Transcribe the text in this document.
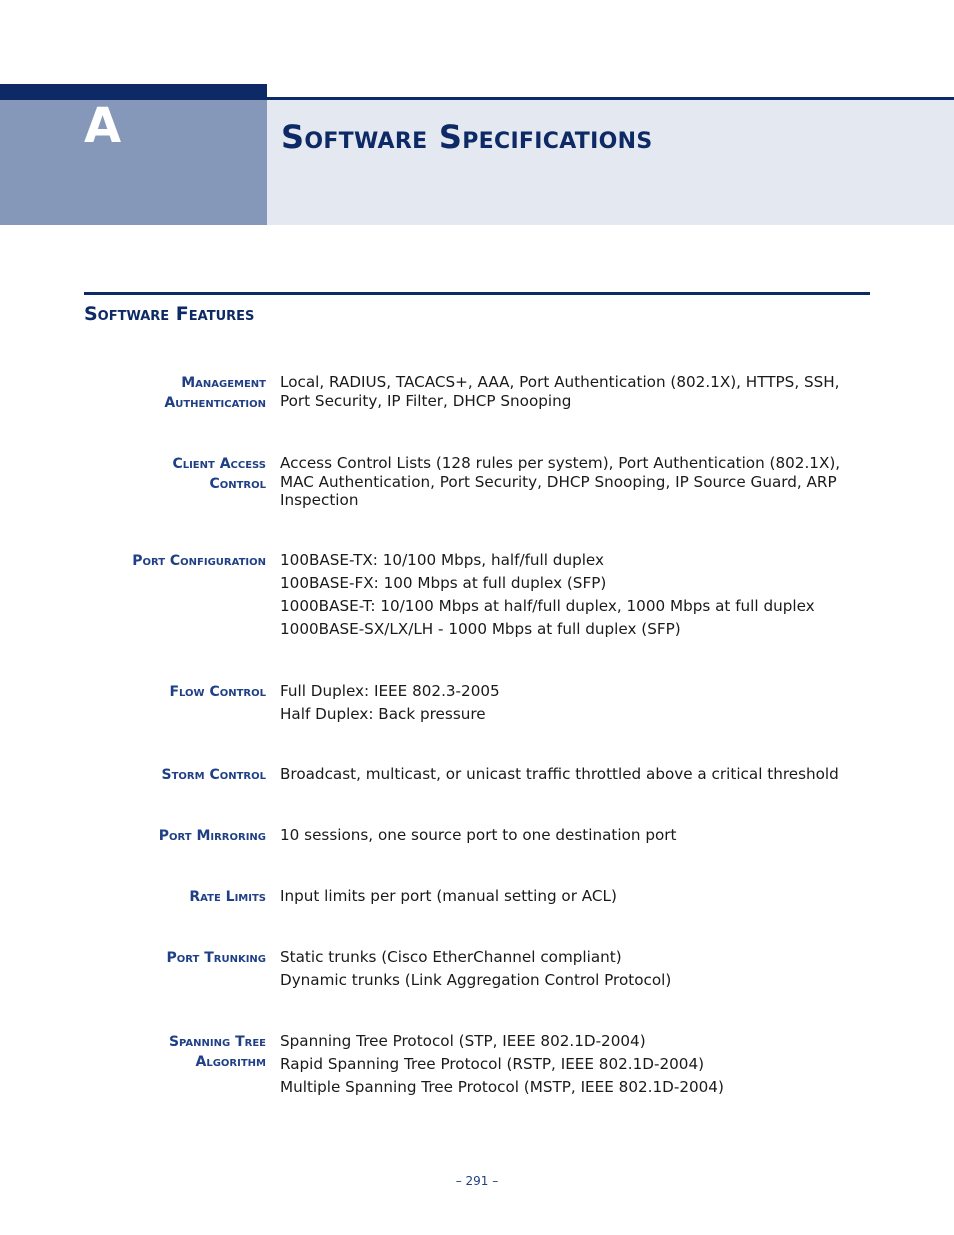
A	Software Specifications
Software Features
Management
Authentication
Local, RADIUS, TACACS+, AAA, Port Authentication (802.1X), HTTPS, SSH, Port Security, IP Filter, DHCP Snooping
Client Access
Control
Access Control Lists (128 rules per system), Port Authentication (802.1X), MAC Authentication, Port Security, DHCP Snooping, IP Source Guard, ARP Inspection
Port Configuration 100BASE-TX: 10/100 Mbps, half/full duplex
100BASE-FX: 100 Mbps at full duplex (SFP)
1000BASE-T: 10/100 Mbps at half/full duplex, 1000 Mbps at full duplex
1000BASE-SX/LX/LH - 1000 Mbps at full duplex (SFP)
Flow Control Full Duplex: IEEE 802.3-2005
Half Duplex: Back pressure
Storm Control Broadcast, multicast, or unicast traffic throttled above a critical threshold
Port Mirroring 10 sessions, one source port to one destination port
Rate Limits Input limits per port (manual setting or ACL)
Port Trunking Static trunks (Cisco EtherChannel compliant)
Dynamic trunks (Link Aggregation Control Protocol)
Spanning Tree
Algorithm
Spanning Tree Protocol (STP, IEEE 802.1D-2004)
Rapid Spanning Tree Protocol (RSTP, IEEE 802.1D-2004)
Multiple Spanning Tree Protocol (MSTP, IEEE 802.1D-2004)
– 291 –
